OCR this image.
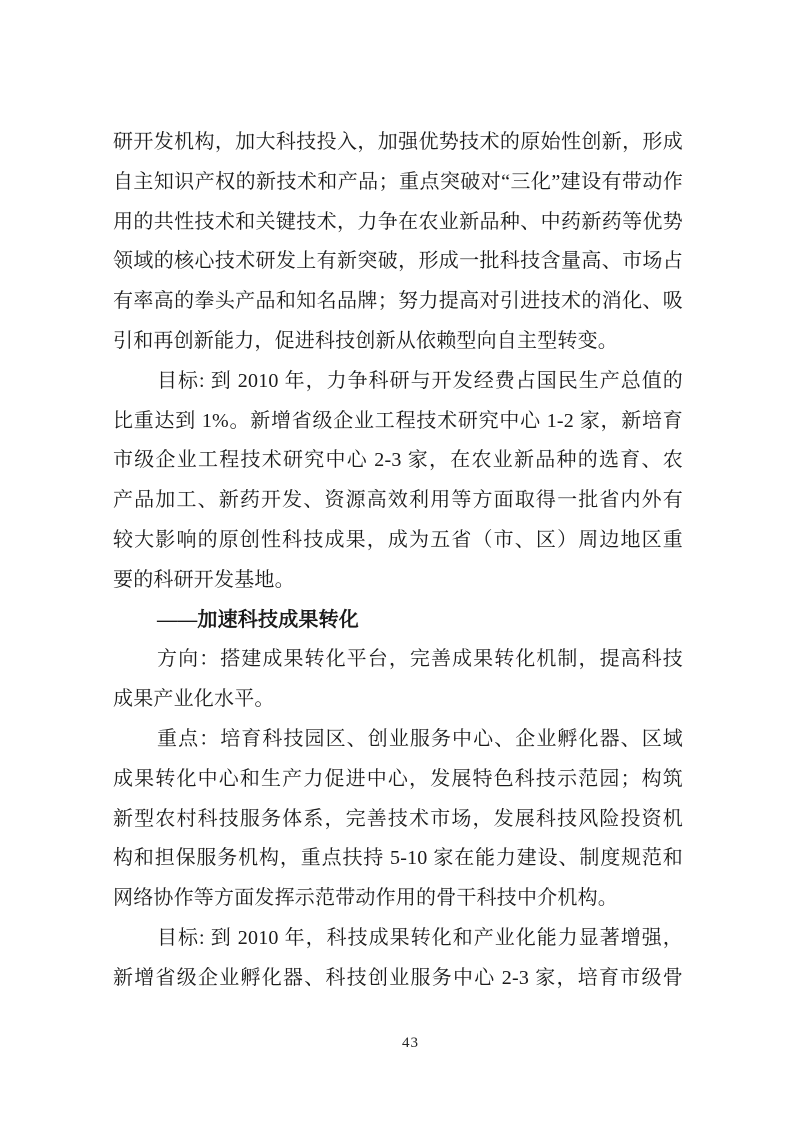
研开发机构，加大科技投入，加强优势技术的原始性创新，形成
自主知识产权的新技术和产品；重点突破对“三化”建设有带动作
用的共性技术和关键技术，力争在农业新品种、中药新药等优势
领域的核心技术研发上有新突破，形成一批科技含量高、市场占
有率高的拳头产品和知名品牌；努力提高对引进技术的消化、吸
引和再创新能力，促进科技创新从依赖型向自主型转变。
目标: 到 2010 年，力争科研与开发经费占国民生产总值的
比重达到 1%。新增省级企业工程技术研究中心 1-2 家，新培育
市级企业工程技术研究中心 2-3 家，在农业新品种的选育、农
产品加工、新药开发、资源高效利用等方面取得一批省内外有
较大影响的原创性科技成果，成为五省（市、区）周边地区重
要的科研开发基地。
——加速科技成果转化
方向：搭建成果转化平台，完善成果转化机制，提高科技
成果产业化水平。
重点：培育科技园区、创业服务中心、企业孵化器、区域
成果转化中心和生产力促进中心，发展特色科技示范园；构筑
新型农村科技服务体系，完善技术市场，发展科技风险投资机
构和担保服务机构，重点扶持 5-10 家在能力建设、制度规范和
网络协作等方面发挥示范带动作用的骨干科技中介机构。
目标: 到 2010 年，科技成果转化和产业化能力显著增强，
新增省级企业孵化器、科技创业服务中心 2-3 家，培育市级骨
43
